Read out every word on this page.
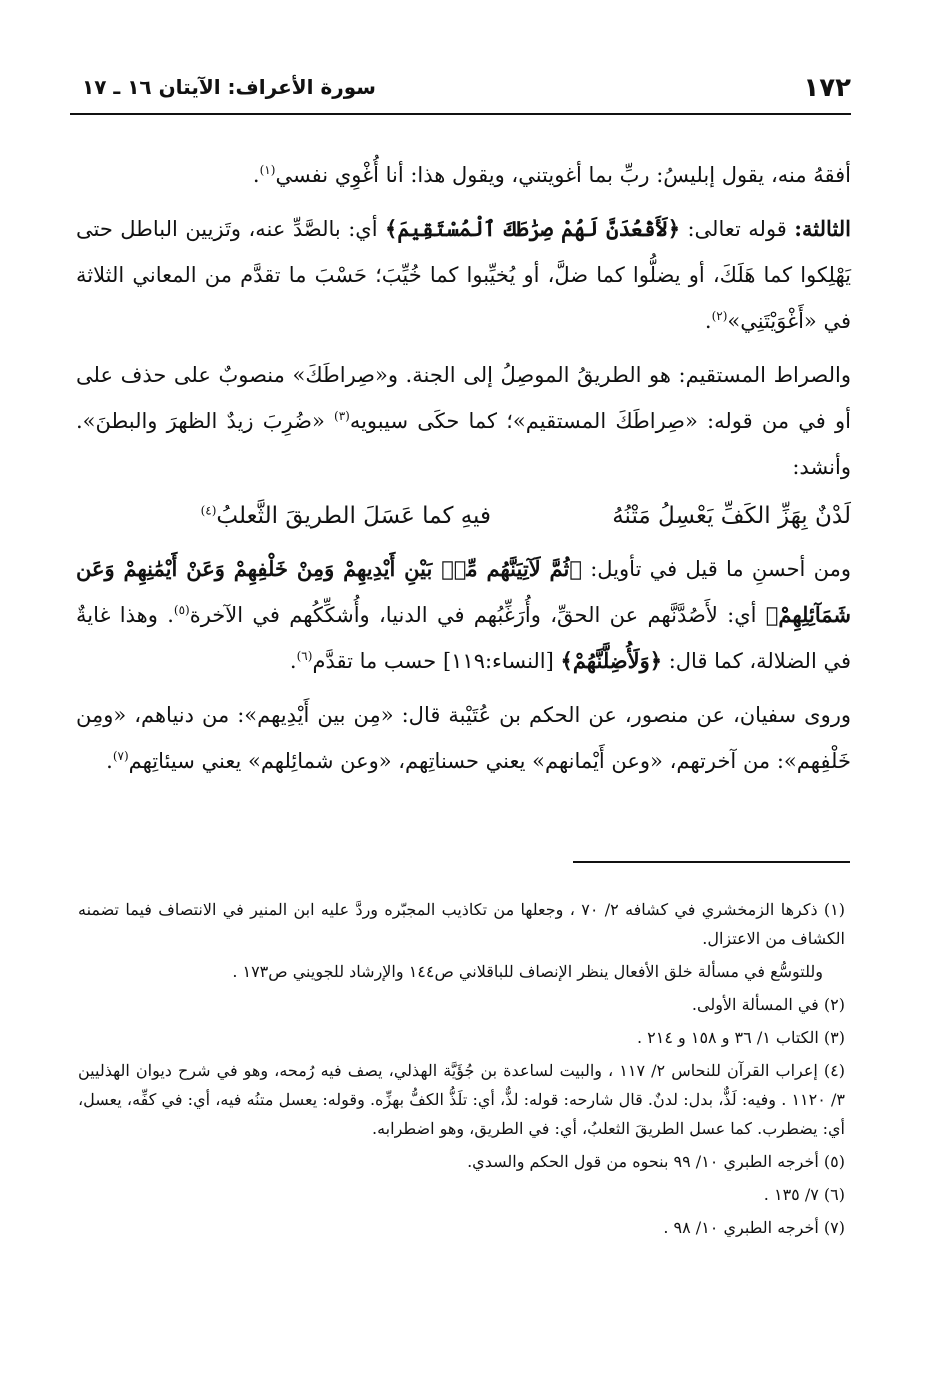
١٧٢
سورة الأعراف: الآيتان ١٦ ـ ١٧

أفقهُ منه، يقول إبليسُ: ربِّ بما أغويتني، ويقول هذا: أنا أُغْوِي نفسي$^{(١)}$.

الثالثة: قوله تعالى: ﴿لَأَقْعُدَنَّ لَهُمْ صِرَٰطَكَ ٱلْمُسْتَقِيمَ﴾ أي: بالصَّدِّ عنه، وتَزيين الباطل حتى يَهْلِكوا كما هَلَكَ، أو يضلُّوا كما ضلَّ، أو يُخيِّبوا كما خُيِّبَ؛ حَسْبَ ما تقدَّم من المعاني الثلاثة في «أَغْوَيْتَنِي»$^{(٢)}$.

والصراط المستقيم: هو الطريقُ الموصِلُ إلى الجنة. و«صِراطَكَ» منصوبٌ على حذف على أو في من قوله: «صِراطَكَ المستقيم»؛ كما حكَى سيبويه$^{(٣)}$ «ضُرِبَ زيدٌ الظهرَ والبطنَ». وأنشد:

لَدْنٌ بِهَزِّ الكَفِّ يَعْسِلُ مَتْنُهُ
فيهِ كما عَسَلَ الطريقَ الثَّعلبُ$^{(٤)}$

ومن أحسنِ ما قيل في تأويل: ﴿ثُمَّ لَآتِيَنَّهُم مِّنۢ بَيْنِ أَيْدِيهِمْ وَمِنْ خَلْفِهِمْ وَعَنْ أَيْمَٰنِهِمْ وَعَن شَمَآئِلِهِمْ﴾ أي: لأَصُدَّنَّهم عن الحقِّ، وأُرَغِّبُهم في الدنيا، وأُشكِّكُهم في الآخرة$^{(٥)}$. وهذا غايةٌ في الضلالة، كما قال: ﴿وَلَأُضِلَّنَّهُمْ﴾ [النساء:١١٩] حسب ما تقدَّم$^{(٦)}$.

وروى سفيان، عن منصور، عن الحكم بن عُتَيْبة قال: «مِن بين أَيْدِيهم»: من دنياهم، «ومِن خَلْفِهم»: من آخرتهم، «وعن أَيْمانهم» يعني حسناتِهم، «وعن شمائِلهم» يعني سيئاتِهم$^{(٧)}$.

(١) ذكرها الزمخشري في كشافه ٢/ ٧٠ ، وجعلها من تكاذيب المجبّره وردَّ عليه ابن المنير في الانتصاف فيما تضمنه الكشاف من الاعتزال.

وللتوسُّع في مسألة خلق الأفعال ينظر الإنصاف للباقلاني ص١٤٤ والإرشاد للجويني ص١٧٣ .

(٢) في المسألة الأولى.

(٣) الكتاب ١/ ٣٦ و ١٥٨ و ٢١٤ .

(٤) إعراب القرآن للنحاس ٢/ ١١٧ ، والبيت لساعدة بن جُؤَيَّة الهذلي، يصف فيه رُمحه، وهو في شرح ديوان الهذليين ٣/ ١١٢٠ . وفيه: لَذٌّ، بدل: لدنٌ. قال شارحه: قوله: لذٌّ، أي: تلَذُّ الكفُّ بهزِّه. وقوله: يعسل متنُه فيه، أي: في كفِّه، يعسل، أي: يضطرب. كما عسل الطريقَ الثعلبُ، أي: في الطريق، وهو اضطرابه.

(٥) أخرجه الطبري ١٠/ ٩٩ بنحوه من قول الحكم والسدي.

(٦) ٧/ ١٣٥ .

(٧) أخرجه الطبري ١٠/ ٩٨ .
